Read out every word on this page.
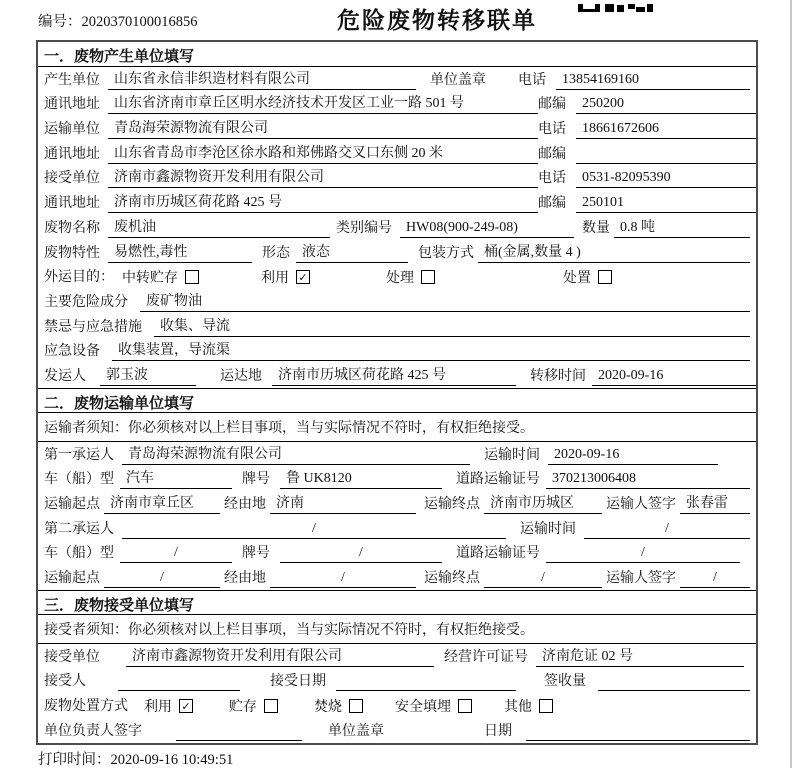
编号：2020370100016856	危险废物转移联单
一．废物产生单位填写
产生单位	山东省永信非织造材料有限公司	单位盖章 电话	13854169160
通讯地址	山东省济南市章丘区明水经济技术开发区工业一路 501 号	邮编	250200
运输单位	青岛海荣源物流有限公司	电话	18661672606
通讯地址	山东省青岛市李沧区徐水路和郑佛路交叉口东侧 20 米	邮编
接受单位	济南市鑫源物资开发利用有限公司	电话	0531-82095390
通讯地址	济南市历城区荷花路 425 号	邮编	250101
废物名称	废机油	类别编号	HW08(900-249-08)	数量 0.8 吨
废物特性	易燃性,毒性	形态 液态	包装方式 桶(金属,数量 4 )
外运目的： 中转贮存	利用 ✓	处理	处置
主要危险成分	废矿物油
禁忌与应急措施	收集、导流
应急设备	收集装置，导流渠
发运人	郭玉波	运达地	济南市历城区荷花路 425 号	转移时间 2020-09-16
二．废物运输单位填写
运输者须知：你必须核对以上栏目事项，当与实际情况不符时，有权拒绝接受。
第一承运人	青岛海荣源物流有限公司	运输时间	2020-09-16
车（船）型 汽车	牌号	鲁 UK8120	道路运输证号 370213006408
运输起点 济南市章丘区	经由地 济南	运输终点 济南市历城区	运输人签字 张春雷
第二承运人	/	运输时间	/
车（船）型	/	牌号	/	道路运输证号	/
运输起点	/	经由地	/	运输终点	/	运输人签字	/
三．废物接受单位填写
接受者须知：你必须核对以上栏目事项，当与实际情况不符时，有权拒绝接受。
接受单位	济南市鑫源物资开发利用有限公司	经营许可证号	济南危证 02 号
接受人	接受日期	签收量
废物处置方式 利用 ✓	贮存	焚烧	安全填埋	其他
单位负责人签字	单位盖章	日期
打印时间：2020-09-16 10:49:51
